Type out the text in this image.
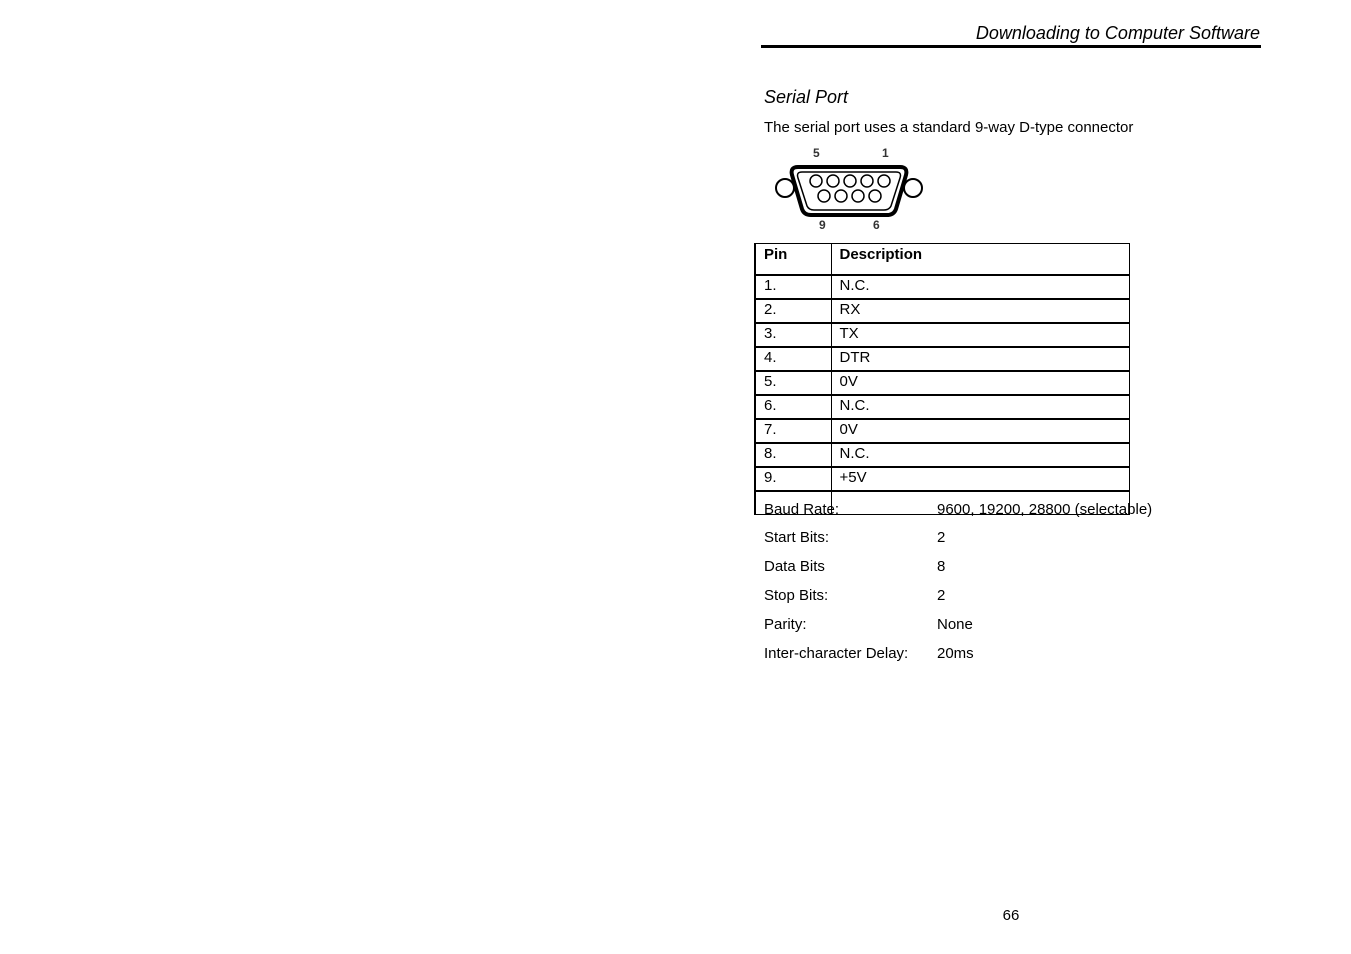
Downloading to Computer Software
Serial Port
The serial port uses a standard 9-way D-type connector
5	1
9	6
Pin	Description
1.	N.C.
2.	RX
3.	TX
4.	DTR
5.	0V
6.	N.C.
7.	0V
8.	N.C.
9.	+5V

Baud Rate:	9600, 19200, 28800 (selectable)
Start Bits:	2
Data Bits	8
Stop Bits:	2
Parity:	None
Inter-character Delay: 20ms
66
